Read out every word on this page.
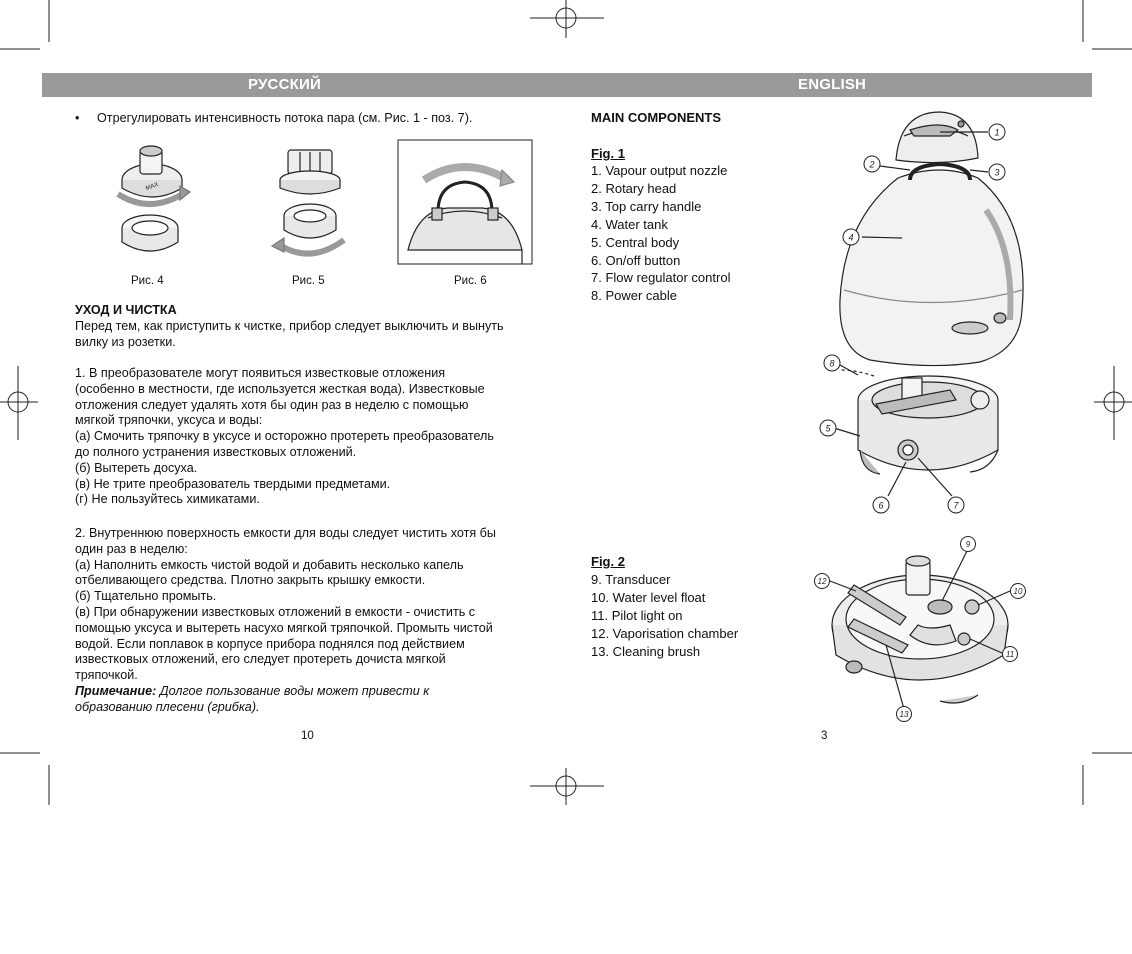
РУССКИЙ	ENGLISH
• Отрегулировать интенсивность потока пара (см. Рис. 1 - поз. 7).
MAX
Рис. 4	Рис. 5	Рис. 6
УХОД И ЧИСТКА
Перед тем, как приступить к чистке, прибор следует выключить и вынуть
вилку из розетки.
1. В преобразователе могут появиться известковые отложения
(особенно в местности, где используется жесткая вода). Известковые
отложения следует удалять хотя бы один раз в неделю с помощью
мягкой тряпочки, уксуса и воды:
(а) Смочить тряпочку в уксусе и осторожно протереть преобразователь
до полного устранения известковых отложений.
(б) Вытереть досуха.
(в) Не трите преобразователь твердыми предметами.
(г) Не пользуйтесь химикатами.
2. Внутреннюю поверхность емкости для воды следует чистить хотя бы
один раз в неделю:
(а) Наполнить емкость чистой водой и добавить несколько капель
отбеливающего средства. Плотно закрыть крышку емкости.
(б) Тщательно промыть.
(в) При обнаружении известковых отложений в емкости - очистить с
помощью уксуса и вытереть насухо мягкой тряпочкой. Промыть чистой
водой. Если поплавок в корпусе прибора поднялся под действием
известковых отложений, его следует протереть дочиста мягкой
тряпочкой.
Примечание: Долгое пользование воды может привести к
образованию плесени (грибка).
10
MAIN COMPONENTS
Fig. 1
1. Vapour output nozzle
2. Rotary head
3. Top carry handle
4. Water tank
5. Central body
6. On/off button
7. Flow regulator control
8. Power cable
Fig. 2
9. Transducer
10. Water level float
11. Pilot light on
12. Vaporisation chamber
13. Cleaning brush
1
2
3
4
5
6	7
8
9
10
11
12
13
3
